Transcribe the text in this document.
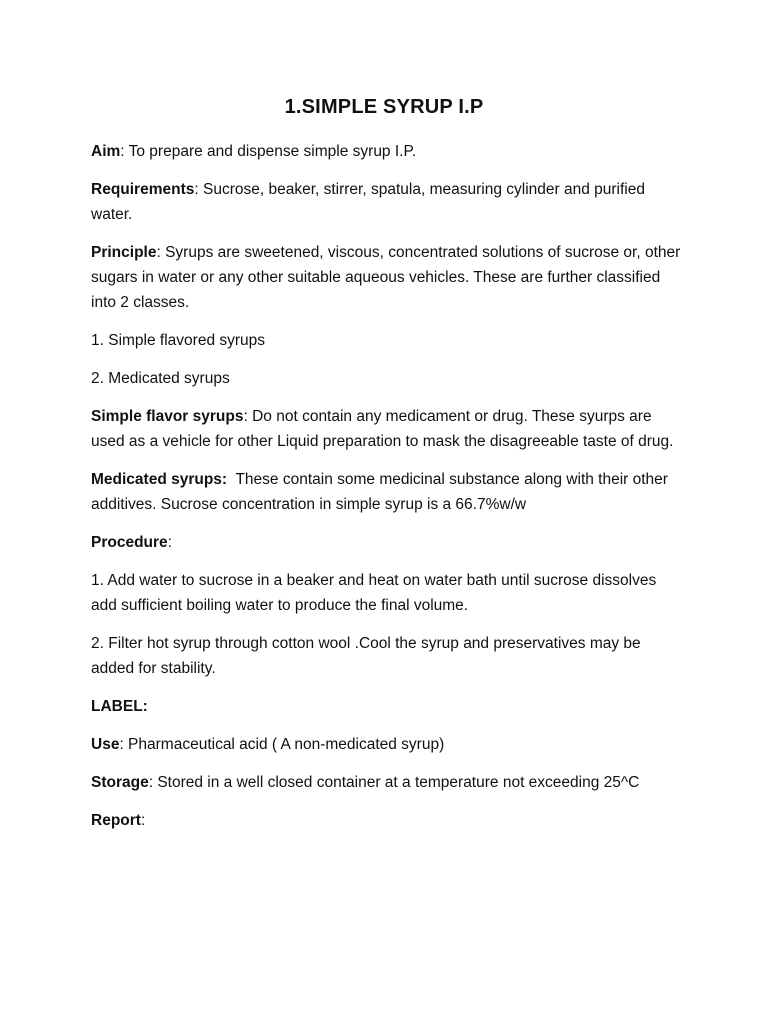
1.SIMPLE SYRUP I.P

Aim: To prepare and dispense simple syrup I.P.

Requirements: Sucrose, beaker, stirrer, spatula, measuring cylinder and purified water.

Principle: Syrups are sweetened, viscous, concentrated solutions of sucrose or, other sugars in water or any other suitable aqueous vehicles. These are further classified into 2 classes.

1. Simple flavored syrups

2. Medicated syrups

Simple flavor syrups: Do not contain any medicament or drug. These syurps are used as a vehicle for other Liquid preparation to mask the disagreeable taste of drug.

Medicated syrups:  These contain some medicinal substance along with their other additives. Sucrose concentration in simple syrup is a 66.7%w/w

Procedure:

1. Add water to sucrose in a beaker and heat on water bath until sucrose dissolves add sufficient boiling water to produce the final volume.

2. Filter hot syrup through cotton wool .Cool the syrup and preservatives may be added for stability.

LABEL:

Use: Pharmaceutical acid ( A non-medicated syrup)

Storage: Stored in a well closed container at a temperature not exceeding 25^C

Report:
